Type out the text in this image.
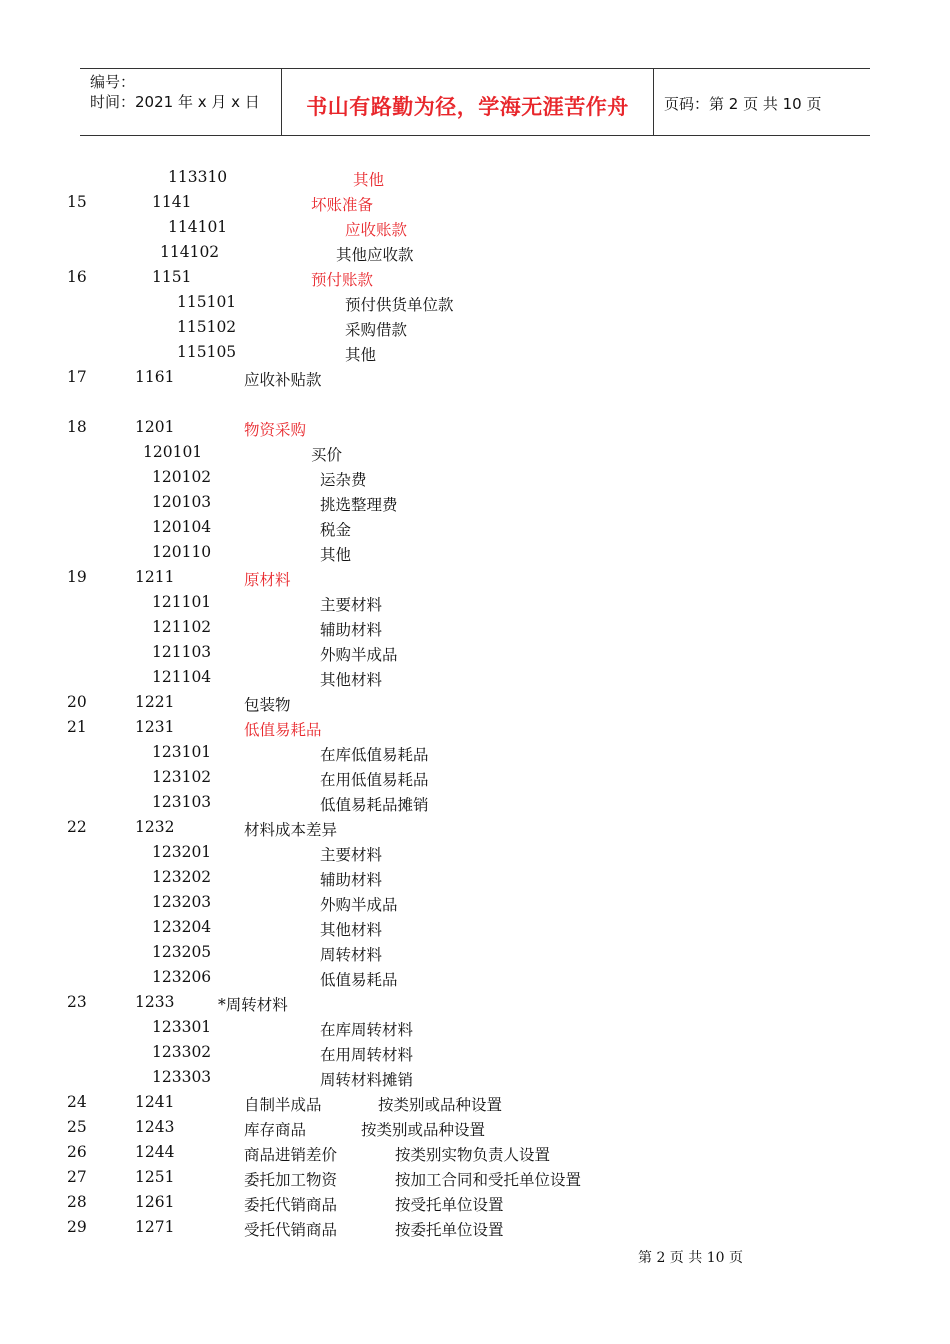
编号：
时间：2021 年 x 月 x 日	书山有路勤为径，学海无涯苦作舟	页码：第 2 页 共 10 页
113310	其他
15	1141	坏账准备
114101	应收账款
114102	其他应收款
16	1151	预付账款
115101	预付供货单位款
115102	采购借款
115105	其他
17	1161	应收补贴款
18	1201	物资采购
120101	买价
120102	运杂费
120103	挑选整理费
120104	税金
120110	其他
19	1211	原材料
121101	主要材料
121102	辅助材料
121103	外购半成品
121104	其他材料
20	1221	包装物
21	1231	低值易耗品
123101	在库低值易耗品
123102	在用低值易耗品
123103	低值易耗品摊销
22	1232	材料成本差异
123201	主要材料
123202	辅助材料
123203	外购半成品
123204	其他材料
123205	周转材料
123206	低值易耗品
23	1233	*周转材料
123301	在库周转材料
123302	在用周转材料
123303	周转材料摊销
24	1241	自制半成品	按类别或品种设置
25	1243	库存商品	按类别或品种设置
26	1244	商品进销差价	按类别实物负责人设置
27	1251	委托加工物资	按加工合同和受托单位设置
28	1261	委托代销商品	按受托单位设置
29	1271	受托代销商品	按委托单位设置
第 2 页 共 10 页
